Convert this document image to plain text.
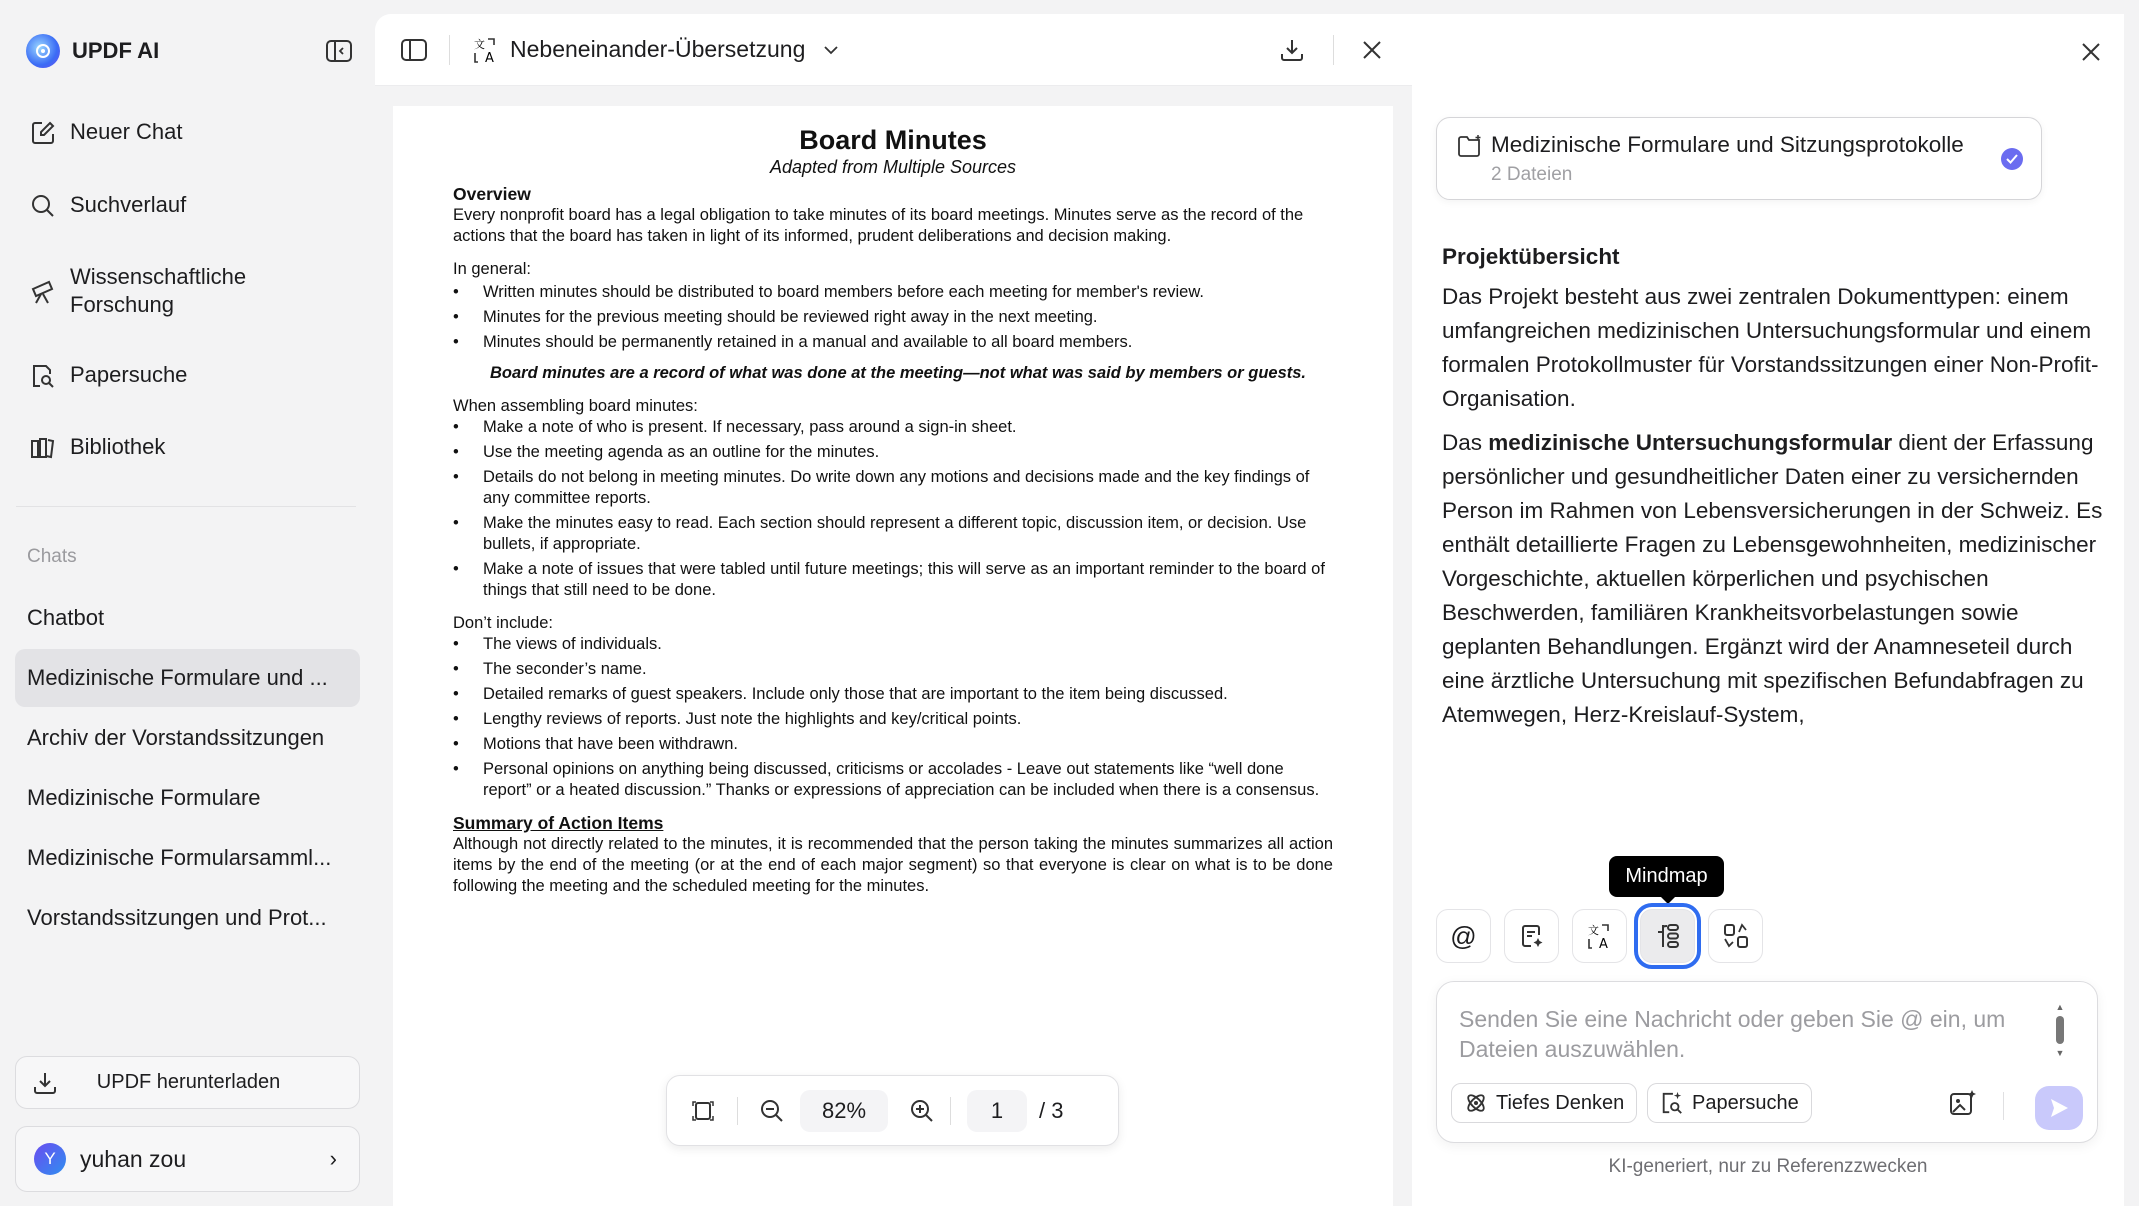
UPDF AI
Neuer Chat
Suchverlauf
Wissenschaftliche Forschung
Papersuche
Bibliothek
Chats
Chatbot
Medizinische Formulare und ...
Archiv der Vorstandssitzungen
Medizinische Formulare
Medizinische Formularsamml...
Vorstandssitzungen und Prot...
UPDF herunterladen
Y	yuhan zou	›
文
A Nebeneinander-Übersetzung
Board Minutes
Adapted from Multiple Sources
Overview
Every nonprofit board has a legal obligation to take minutes of its board meetings. Minutes serve as the record of the actions that the board has taken in light of its informed, prudent deliberations and decision making.
In general:
• Written minutes should be distributed to board members before each meeting for member's review.
• Minutes for the previous meeting should be reviewed right away in the next meeting.
• Minutes should be permanently retained in a manual and available to all board members.
Board minutes are a record of what was done at the meeting—not what was said by members or guests.
When assembling board minutes:
• Make a note of who is present. If necessary, pass around a sign-in sheet.
• Use the meeting agenda as an outline for the minutes.
• Details do not belong in meeting minutes. Do write down any motions and decisions made and the key findings of any committee reports.
• Make the minutes easy to read. Each section should represent a different topic, discussion item, or decision. Use bullets, if appropriate.
• Make a note of issues that were tabled until future meetings; this will serve as an important reminder to the board of things that still need to be done.
Don’t include:
• The views of individuals.
• The seconder’s name.
• Detailed remarks of guest speakers. Include only those that are important to the item being discussed.
• Lengthy reviews of reports. Just note the highlights and key/critical points.
• Motions that have been withdrawn.
• Personal opinions on anything being discussed, criticisms or accolades - Leave out statements like “well done report” or a heated discussion.” Thanks or expressions of appreciation can be included when there is a consensus.
Summary of Action Items
Although not directly related to the minutes, it is recommended that the person taking the minutes summarizes all action items by the end of the meeting (or at the end of each major segment) so that everyone is clear on what is to be done following the meeting and the scheduled meeting for the minutes.
82%	1	/ 3
Medizinische Formulare und Sitzungsprotokolle
2 Dateien
Projektübersicht

Das Projekt besteht aus zwei zentralen Dokumenttypen: einem umfangreichen medizinischen Untersuchungsformular und einem formalen Protokollmuster für Vorstandssitzungen einer Non-Profit-Organisation.

Das medizinische Untersuchungsformular dient der Erfassung persönlicher und gesundheitlicher Daten einer zu versichernden Person im Rahmen von Lebensversicherungen in der Schweiz. Es enthält detaillierte Fragen zu Lebensgewohnheiten, medizinischer Vorgeschichte, aktuellen körperlichen und psychischen Beschwerden, familiären Krankheitsvorbelastungen sowie geplanten Behandlungen. Ergänzt wird der Anamneseteil durch eine ärztliche Untersuchung mit spezifischen Befundabfragen zu Atemwegen, Herz-Kreislauf-System,

Mindmap
@	文
A
Senden Sie eine Nachricht oder geben Sie @ ein, um Dateien auszuwählen.
▲
▼
Tiefes Denken	Papersuche
KI-generiert, nur zu Referenzzwecken
